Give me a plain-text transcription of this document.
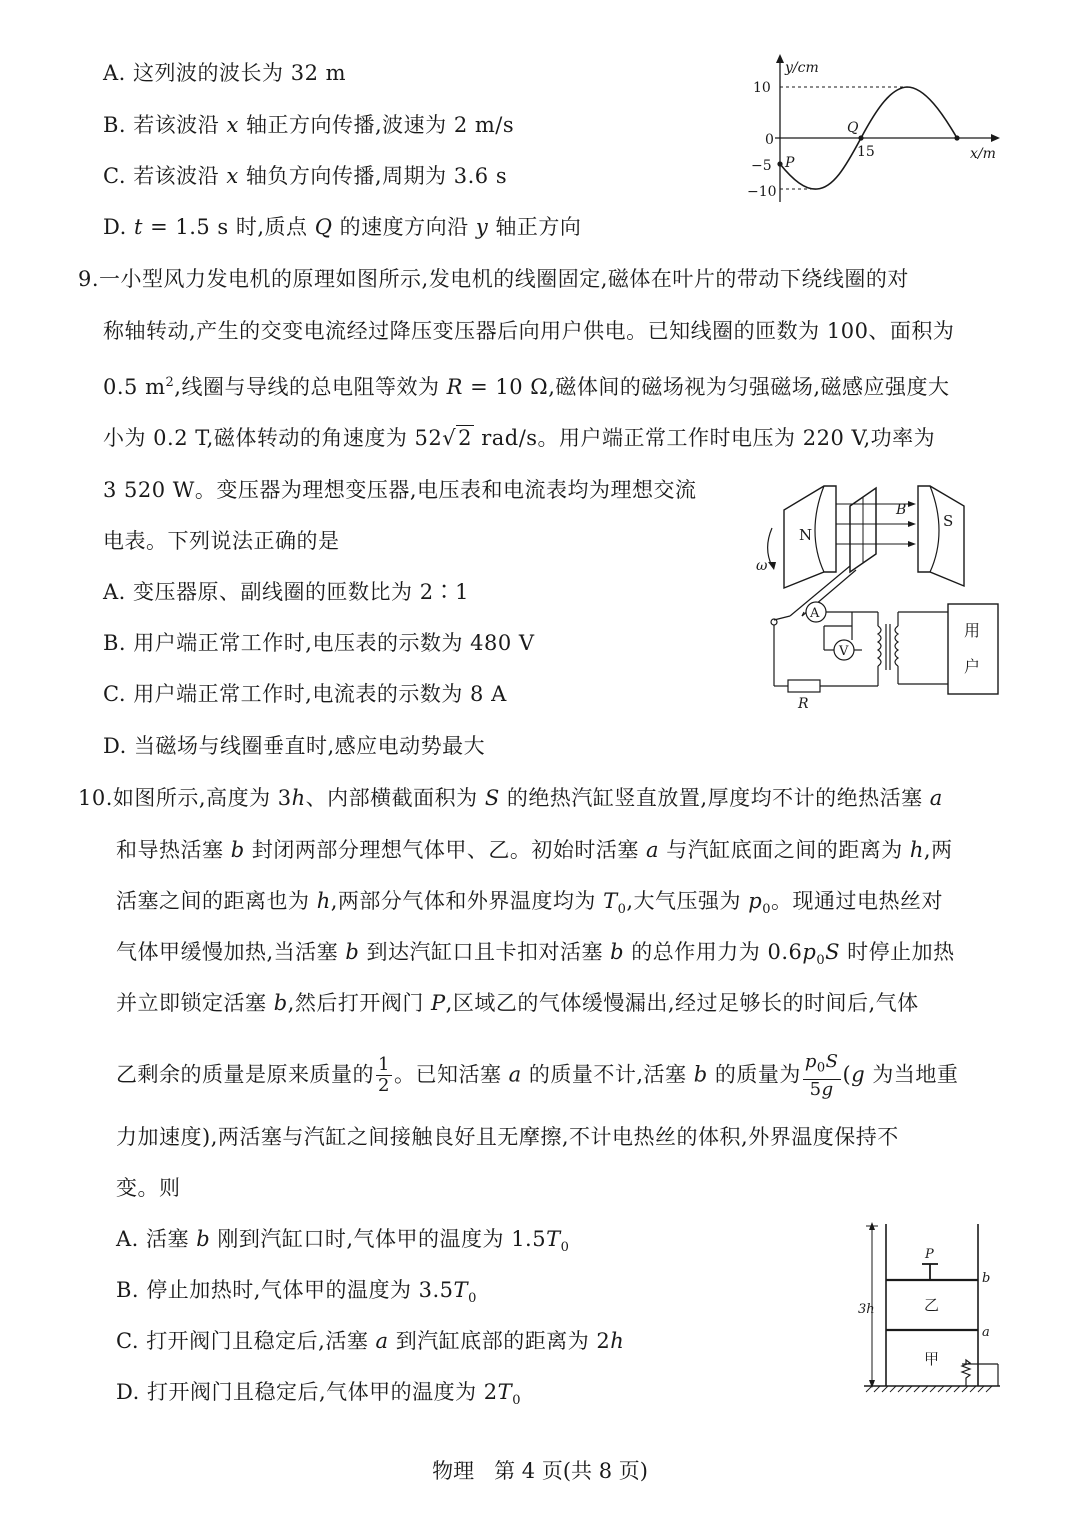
A. 这列波的波长为 32 m
B. 若该波沿 x 轴正方向传播,波速为 2 m/s
C. 若该波沿 x 轴负方向传播,周期为 3.6 s
D. t = 1.5 s 时,质点 Q 的速度方向沿 y 轴正方向
y/cm
x/m
10
0
−5
−10
P
Q
15
9.一小型风力发电机的原理如图所示,发电机的线圈固定,磁体在叶片的带动下绕线圈的对
称轴转动,产生的交变电流经过降压变压器后向用户供电。已知线圈的匝数为 100、面积为
0.5 $m^2$,线圈与导线的总电阻等效为 R = 10 Ω,磁体间的磁场视为匀强磁场,磁感应强度大
小为 0.2 T,磁体转动的角速度为 52√2 rad/s。用户端正常工作时电压为 220 V,功率为
3 520 W。变压器为理想变压器,电压表和电流表均为理想交流
电表。下列说法正确的是
A. 变压器原、副线圈的匝数比为 2∶1
B. 用户端正常工作时,电压表的示数为 480 V
C. 用户端正常工作时,电流表的示数为 8 A
D. 当磁场与线圈垂直时,感应电动势最大
N
S
B
ω
A
V
用
户
R
10.如图所示,高度为 3h、内部横截面积为 S 的绝热汽缸竖直放置,厚度均不计的绝热活塞 a
和导热活塞 b 封闭两部分理想气体甲、乙。初始时活塞 a 与汽缸底面之间的距离为 h,两
活塞之间的距离也为 h,两部分气体和外界温度均为 $T_0$,大气压强为 $p_0$。现通过电热丝对
气体甲缓慢加热,当活塞 b 到达汽缸口且卡扣对活塞 b 的总作用力为 $0.6p_0S$ 时停止加热
并立即锁定活塞 b,然后打开阀门 P,区域乙的气体缓慢漏出,经过足够长的时间后,气体
乙剩余的质量是原来质量的 $\frac{1}{2}$ 。已知活塞 a 的质量不计,活塞 b 的质量为 $\frac{p_0S}{5g} (g$ 为当地重
力加速度),两活塞与汽缸之间接触良好且无摩擦,不计电热丝的体积,外界温度保持不
变。则
A. 活塞 b 刚到汽缸口时,气体甲的温度为 $1.5T_0$
B. 停止加热时,气体甲的温度为 $3.5T_0$
C. 打开阀门且稳定后,活塞 a 到汽缸底部的距离为 2h
D. 打开阀门且稳定后,气体甲的温度为 $2T_0$
3h
P
b
a
乙
甲
物理 第 4 页(共 8 页)
